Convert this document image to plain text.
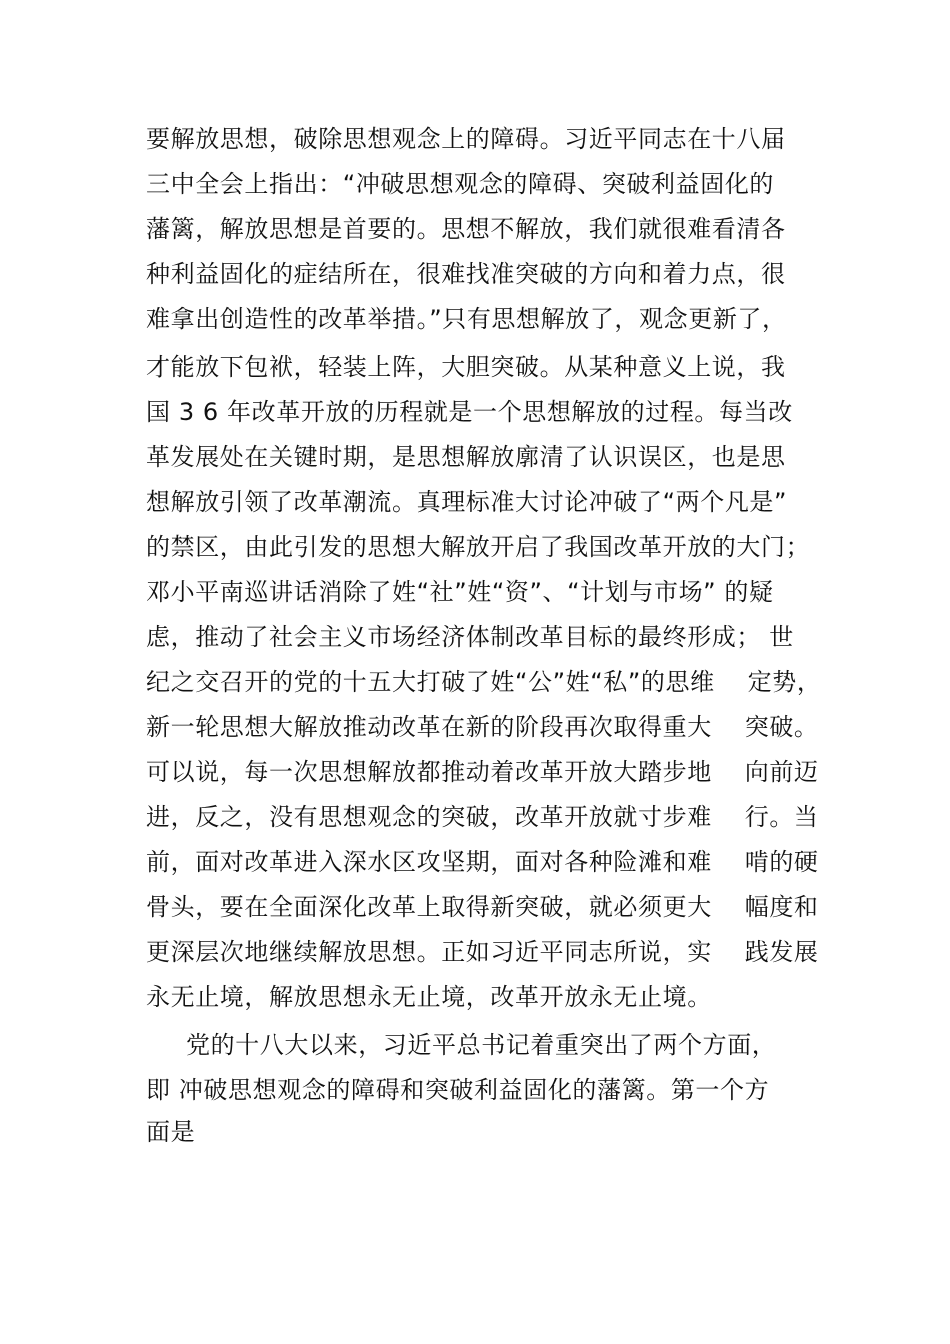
要解放思想，破除思想观念上的障碍。习近平同志在十八届
三中全会上指出：“冲破思想观念的障碍、突破利益固化的
藩篱，解放思想是首要的。思想不解放，我们就很难看清各
种利益固化的症结所在，很难找准突破的方向和着力点，很
难拿出创造性的改革举措。”只有思想解放了，观念更新了，
才能放下包袱，轻装上阵，大胆突破。从某种意义上说，我
国 3 6 年改革开放的历程就是一个思想解放的过程。每当改
革发展处在关键时期，是思想解放廓清了认识误区，也是思
想解放引领了改革潮流。真理标准大讨论冲破了“两个凡是”
的禁区，由此引发的思想大解放开启了我国改革开放的大门；
邓小平南巡讲话消除了姓“社”姓“资”、“计划与市场” 的疑
虑，推动了社会主义市场经济体制改革目标的最终形成； 世
纪之交召开的党的十五大打破了姓“公”姓“私”的思维    定势，
新一轮思想大解放推动改革在新的阶段再次取得重大    突破。
可以说，每一次思想解放都推动着改革开放大踏步地    向前迈
进，反之，没有思想观念的突破，改革开放就寸步难    行。当
前，面对改革进入深水区攻坚期，面对各种险滩和难    啃的硬
骨头，要在全面深化改革上取得新突破，就必须更大    幅度和
更深层次地继续解放思想。正如习近平同志所说，实    践发展
永无止境，解放思想永无止境，改革开放永无止境。
党的十八大以来，习近平总书记着重突出了两个方面，
即 冲破思想观念的障碍和突破利益固化的藩篱。第一个方
面是
